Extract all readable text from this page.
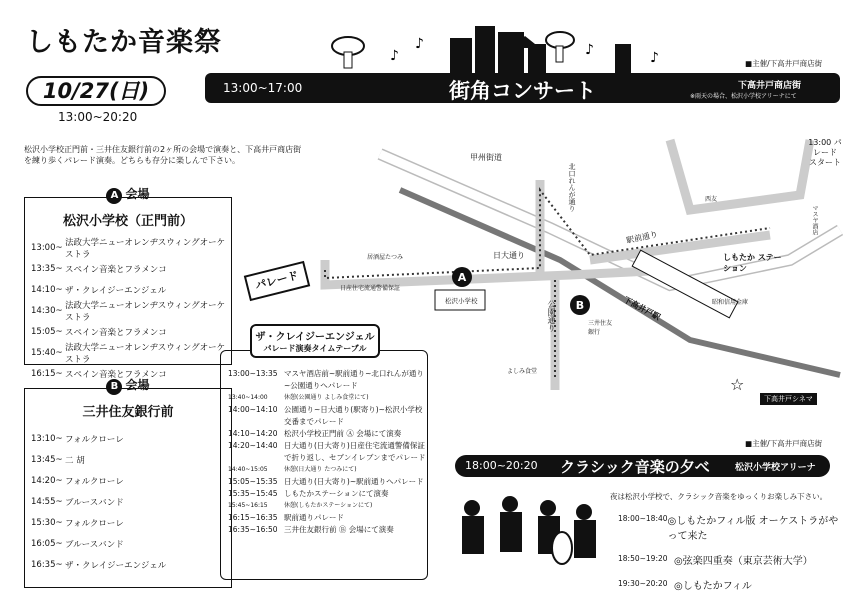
しもたか音楽祭
10/27(日)
13:00~20:20
松沢小学校正門前・三井住友銀行前の2ヶ所の会場で演奏と、下高井戸商店街を練り歩くパレード演奏。どちらも存分に楽しんで下さい。
A 会場
松沢小学校（正門前）
13:00~ 法政大学ニューオレンヂスウィングオーケストラ
13:35~ スペイン音楽とフラメンコ
14:10~ ザ・クレイジーエンジェル
14:30~ 法政大学ニューオレンヂスウィングオーケストラ
15:05~ スペイン音楽とフラメンコ
15:40~ 法政大学ニューオレンヂスウィングオーケストラ
16:15~ スペイン音楽とフラメンコ
B 会場
三井住友銀行前
13:10~ フォルクローレ
13:45~ 二 胡
14:20~ フォルクローレ
14:55~ ブルースバンド
15:30~ フォルクローレ
16:05~ ブルースバンド
16:35~ ザ・クレイジーエンジェル
■主催/下高井戸商店街
13:00~17:00	街角コンサート	下高井戸商店街
※雨天の場合、松沢小学校アリーナにて
♪
♪	♪	♪
A
B
☆
甲州街道
北口れんが通り
駅前通り
日大通り
公園通り	下高井戸駅
しもたか ステーション
松沢小学校
よしみ食堂
居酒屋たつみ
日産住宅流通警備保証
三井住友銀行
西友
マスヤ酒店
昭和信用金庫
下高井戸シネマ
13:00 パレード スタート
パレード
ザ・クレイジーエンジェル
パレード演奏タイムテーブル
13:00~13:35 マスヤ酒店前~駅前通り~北口れんが通り
~公園通りへパレード
13:40~14:00	休憩(公園通り よしみ食堂にて)
14:00~14:10 公園通り~日大通り(駅寄り)~松沢小学校
交番までパレード
14:10~14:20 松沢小学校正門前 Ⓐ 会場にて演奏
14:20~14:40 日大通り(日大寄り)日産住宅流通警備保証
で折り返し、セブンイレブンまでパレード
14:40~15:05	休憩(日大通り たつみにて)
15:05~15:35 日大通り(日大寄り)~駅前通りへパレード
15:35~15:45 しもたかステーションにて演奏
15:45~16:15	休憩(しもたかステーションにて)
16:15~16:35 駅前通りパレード
16:35~16:50 三井住友銀行前 Ⓑ 会場にて演奏
■主催/下高井戸商店街
18:00~20:20 クラシック音楽の夕べ	松沢小学校アリーナ
夜は松沢小学校で、クラシック音楽をゆっくりお楽しみ下さい。
18:00~18:40 ◎しもたかフィル版 オーケストラがやって来た
18:50~19:20 ◎弦楽四重奏（東京芸術大学）
19:30~20:20 ◎しもたかフィル
